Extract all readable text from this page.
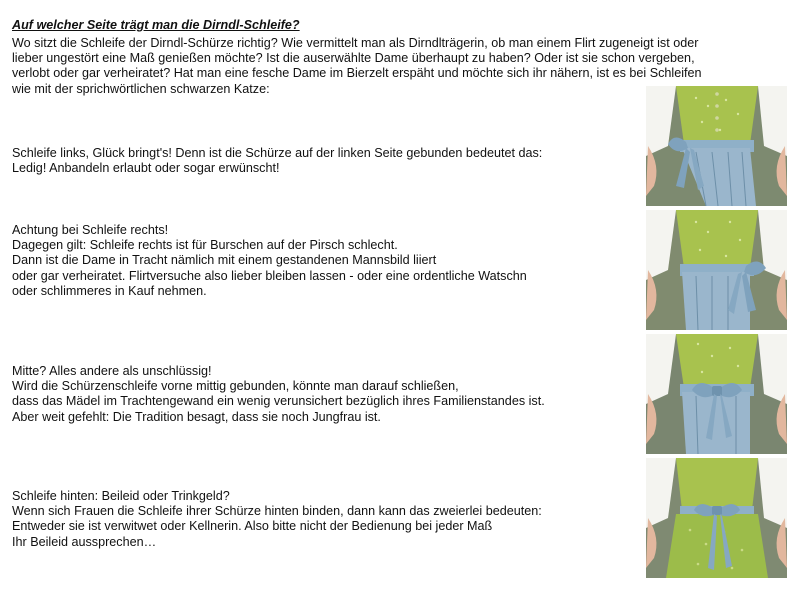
Auf welcher Seite trägt man die Dirndl-Schleife?
Wo sitzt die Schleife der Dirndl-Schürze richtig? Wie vermittelt man als Dirndlträgerin, ob man einem Flirt zugeneigt ist oder
lieber ungestört eine Maß genießen möchte? Ist die auserwählte Dame überhaupt zu haben? Oder ist sie schon vergeben,
verlobt oder gar verheiratet? Hat man eine fesche Dame im Bierzelt erspäht und möchte sich ihr nähern, ist es bei Schleifen
wie mit der sprichwörtlichen schwarzen Katze:
Schleife links, Glück bringt's! Denn ist die Schürze auf der linken Seite gebunden bedeutet das:
Ledig! Anbandeln erlaubt oder sogar erwünscht!
Achtung bei Schleife rechts!
Dagegen gilt: Schleife rechts ist für Burschen auf der Pirsch schlecht.
Dann ist die Dame in Tracht nämlich mit einem gestandenen Mannsbild liiert
oder gar verheiratet. Flirtversuche also lieber bleiben lassen - oder eine ordentliche Watschn
oder schlimmeres in Kauf nehmen.
Mitte? Alles andere als unschlüssig!
Wird die Schürzenschleife vorne mittig gebunden, könnte man darauf schließen,
dass das Mädel im Trachtengewand ein wenig verunsichert bezüglich ihres Familienstandes ist.
Aber weit gefehlt: Die Tradition besagt, dass sie noch Jungfrau ist.
Schleife hinten: Beileid oder Trinkgeld?
Wenn sich Frauen die Schleife ihrer Schürze hinten binden, dann kann das zweierlei bedeuten:
Entweder sie ist verwitwet oder Kellnerin. Also bitte nicht der Bedienung bei jeder Maß
Ihr Beileid aussprechen…
